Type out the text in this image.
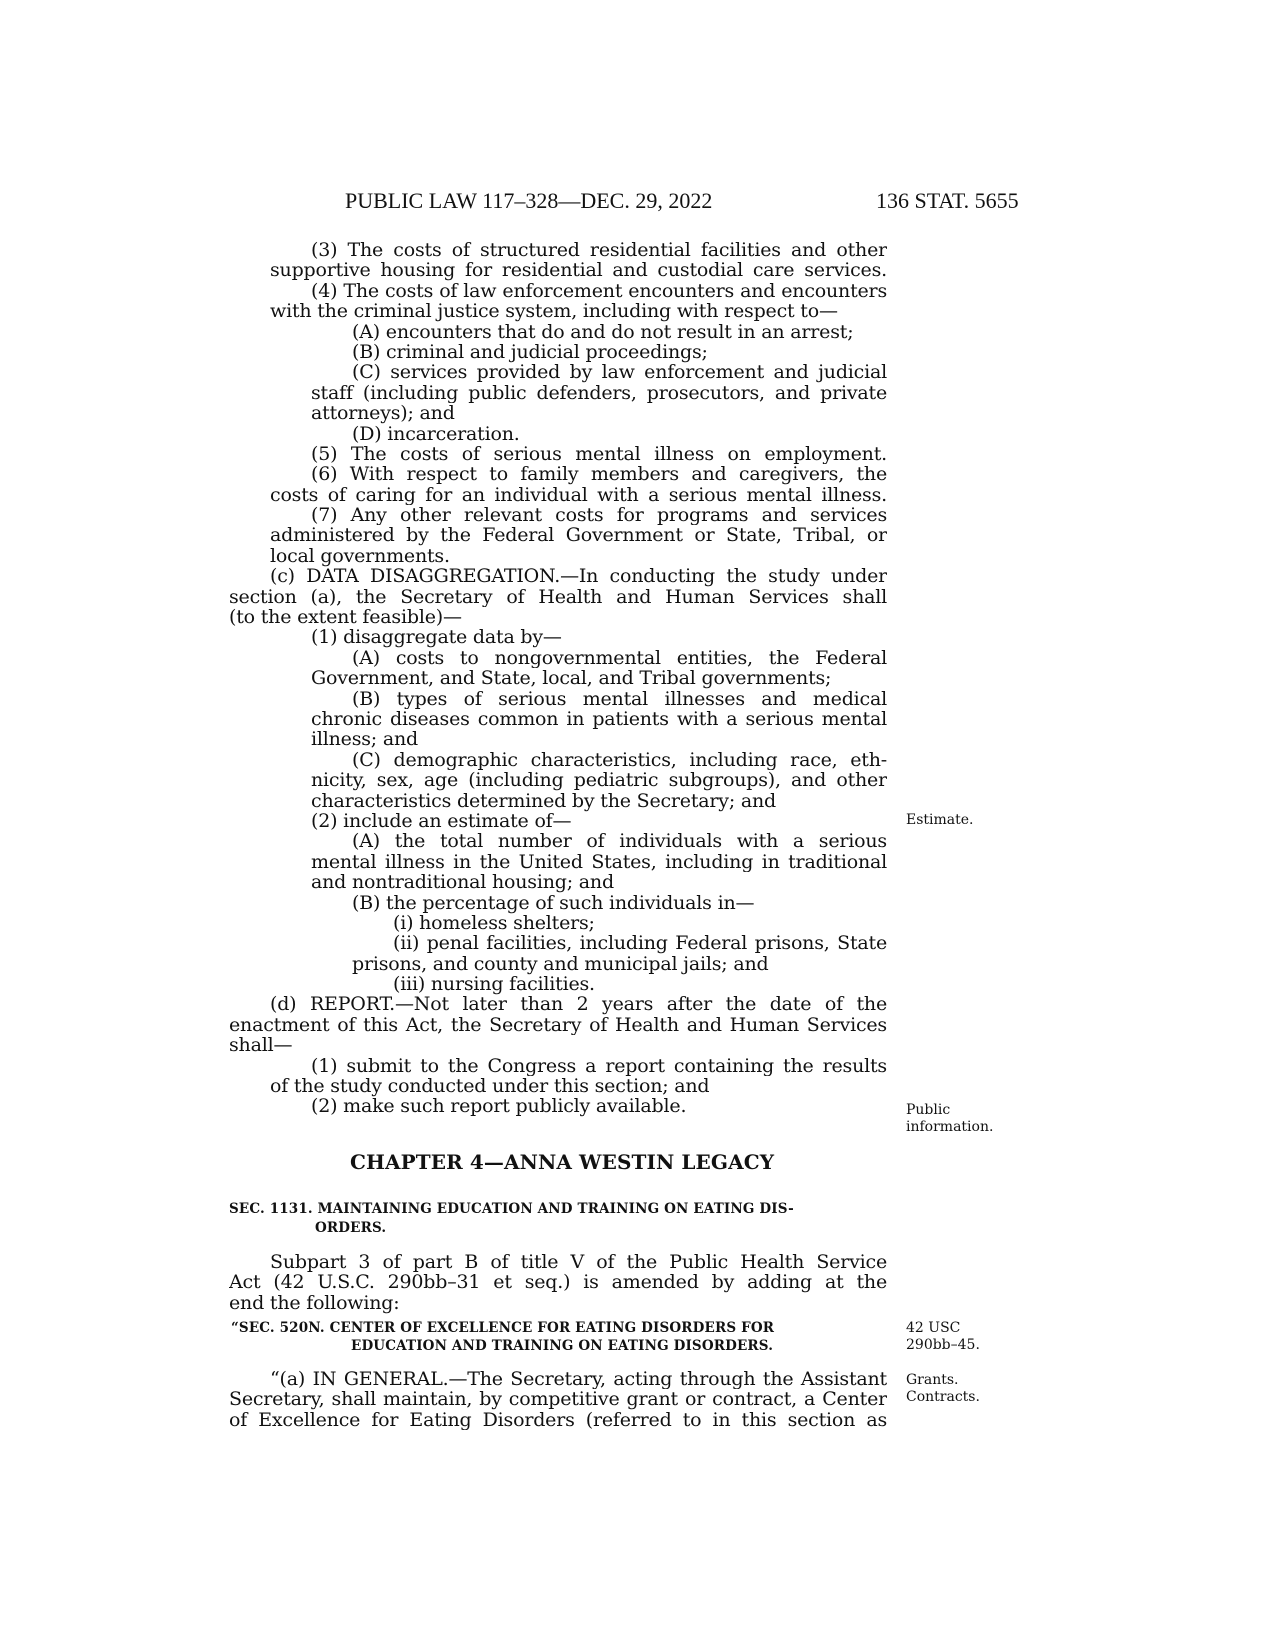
PUBLIC LAW 117–328—DEC. 29, 2022	136 STAT. 5655
(3) The costs of structured residential facilities and other
supportive housing for residential and custodial care services.
(4) The costs of law enforcement encounters and encounters
with the criminal justice system, including with respect to—
(A) encounters that do and do not result in an arrest;
(B) criminal and judicial proceedings;
(C) services provided by law enforcement and judicial
staff (including public defenders, prosecutors, and private
attorneys); and
(D) incarceration.
(5) The costs of serious mental illness on employment.
(6) With respect to family members and caregivers, the
costs of caring for an individual with a serious mental illness.
(7) Any other relevant costs for programs and services
administered by the Federal Government or State, Tribal, or
local governments.
(c) DATA DISAGGREGATION.—In conducting the study under
section (a), the Secretary of Health and Human Services shall
(to the extent feasible)—
(1) disaggregate data by—
(A) costs to nongovernmental entities, the Federal
Government, and State, local, and Tribal governments;
(B) types of serious mental illnesses and medical
chronic diseases common in patients with a serious mental
illness; and
(C) demographic characteristics, including race, eth-
nicity, sex, age (including pediatric subgroups), and other
characteristics determined by the Secretary; and
(2) include an estimate of—
(A) the total number of individuals with a serious
mental illness in the United States, including in traditional
and nontraditional housing; and
(B) the percentage of such individuals in—
(i) homeless shelters;
(ii) penal facilities, including Federal prisons, State
prisons, and county and municipal jails; and
(iii) nursing facilities.
(d) REPORT.—Not later than 2 years after the date of the
enactment of this Act, the Secretary of Health and Human Services
shall—
(1) submit to the Congress a report containing the results
of the study conducted under this section; and
(2) make such report publicly available.
CHAPTER 4—ANNA WESTIN LEGACY
SEC. 1131. MAINTAINING EDUCATION AND TRAINING ON EATING DIS-
ORDERS.
Subpart 3 of part B of title V of the Public Health Service
Act (42 U.S.C. 290bb–31 et seq.) is amended by adding at the
end the following:
“SEC. 520N. CENTER OF EXCELLENCE FOR EATING DISORDERS FOR
EDUCATION AND TRAINING ON EATING DISORDERS.
“(a) IN GENERAL.—The Secretary, acting through the Assistant
Secretary, shall maintain, by competitive grant or contract, a Center
of Excellence for Eating Disorders (referred to in this section as
Estimate.
Public
information.
42 USC
290bb–45.
Grants.
Contracts.
